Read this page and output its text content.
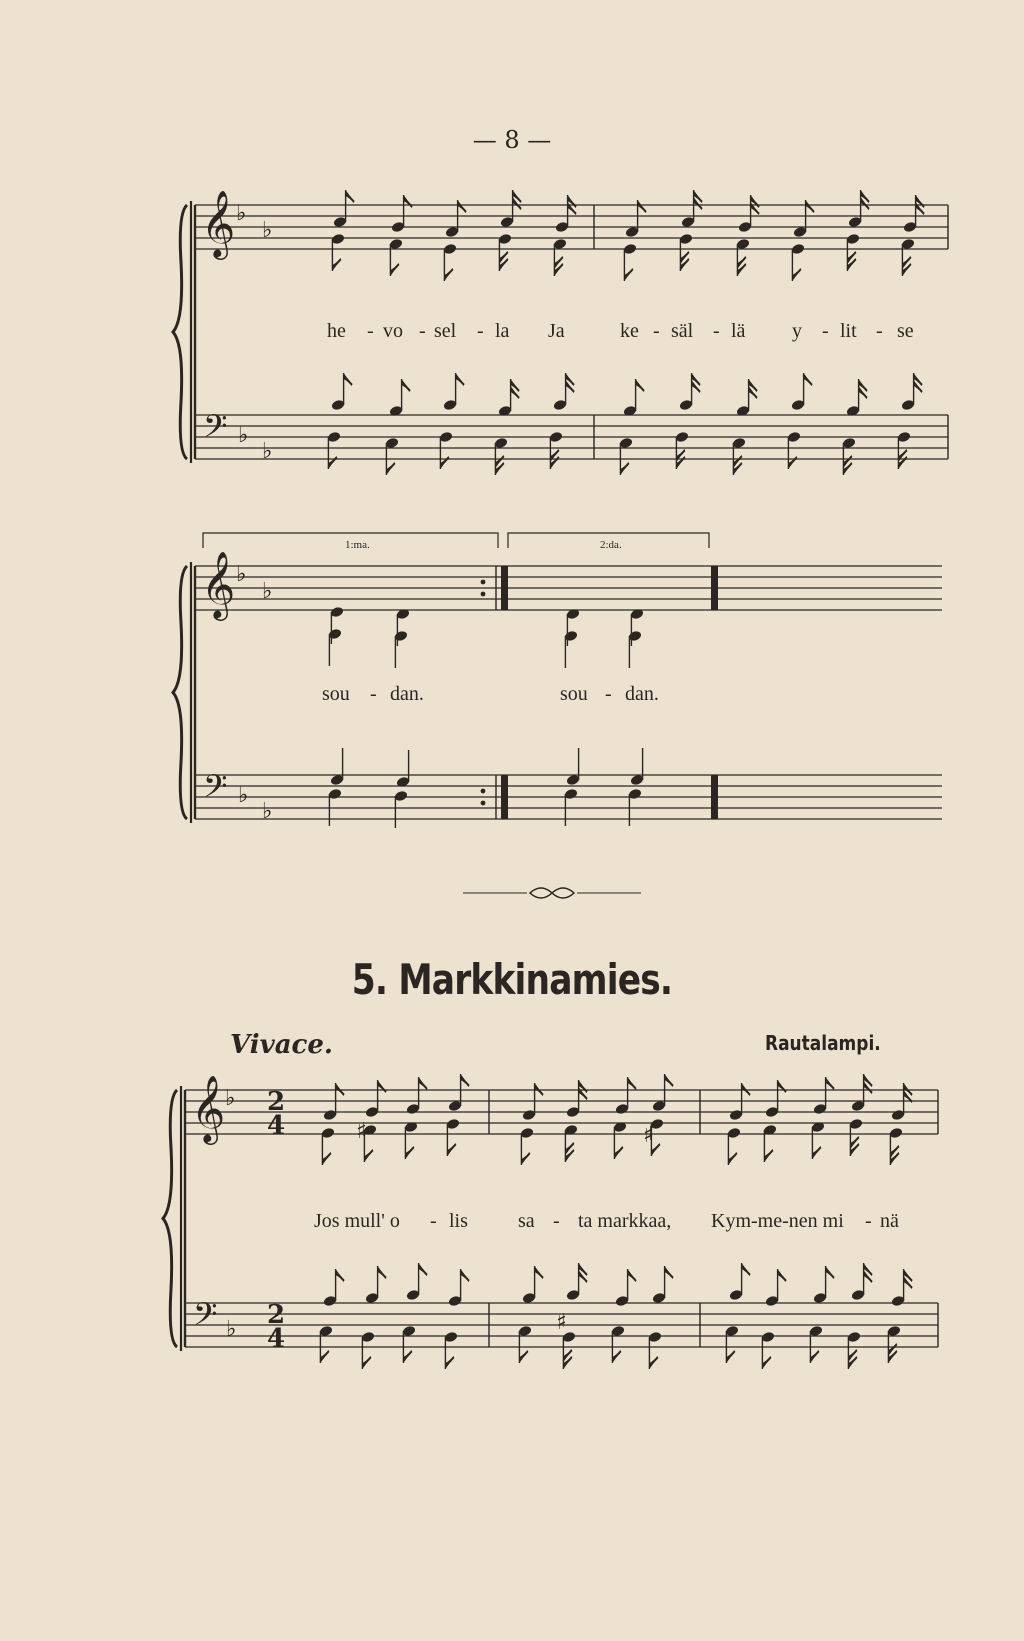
— 8 —
he - vo - sel - la Ja	ke - säl - lä y - lit - se
1:ma.	2:da.
sou - dan.	sou - dan.
5. Markkinamies.
Vivace.	Rautalampi.
Jos mull' o - lis	sa - ta markkaa, Kym-me-nen mi - nä
𝄞
𝄢
♭
♭
♭
♭
𝄞
𝄢
♭
♭
♭
♭
𝄞
𝄢
♭
♭
2
4
2
4
♯	♯
♯
